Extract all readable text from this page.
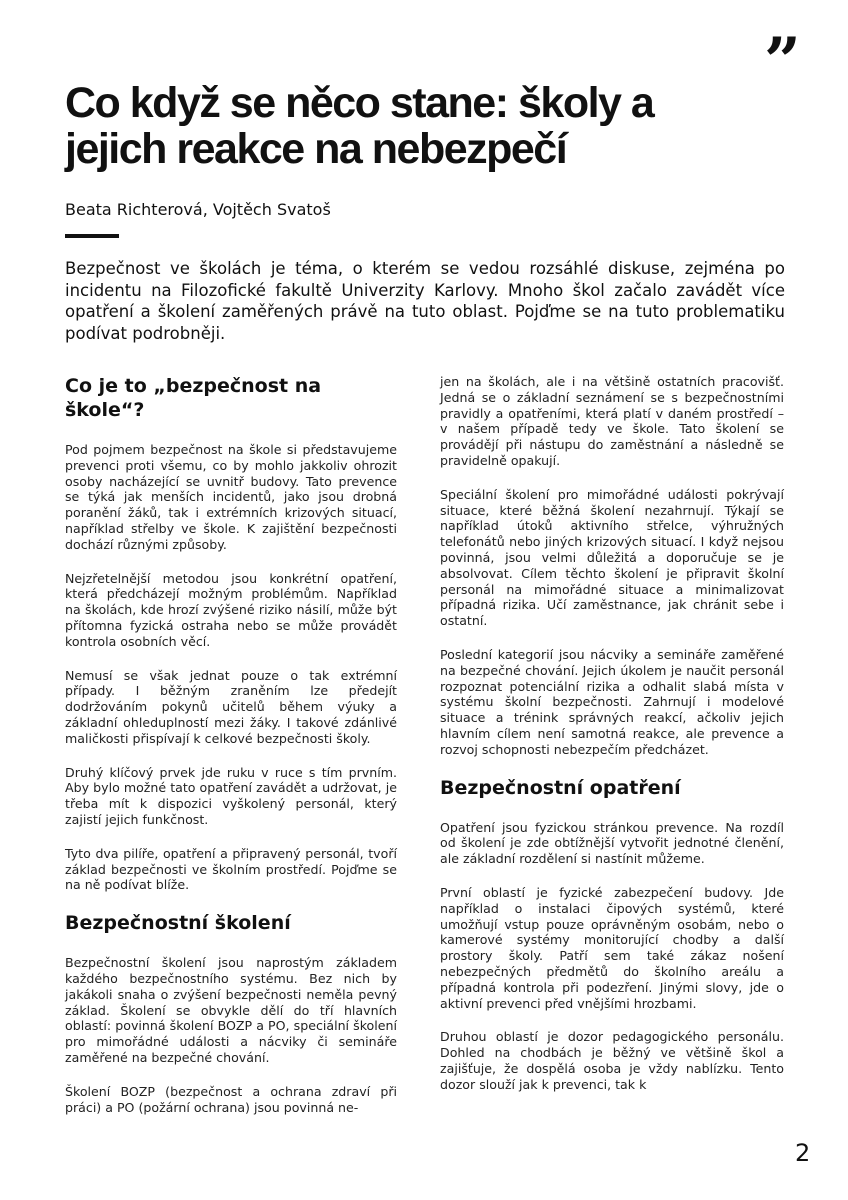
”
Co když se něco stane: školy a
jejich reakce na nebezpečí
Beata Richterová, Vojtěch Svatoš

Bezpečnost ve školách je téma, o kterém se vedou rozsáhlé diskuse, zejména po incidentu na Filozofické fakultě Univerzity Karlovy. Mnoho škol začalo zavádět více opatření a školení zaměřených právě na tuto oblast. Pojďme se na tuto problematiku podívat podrobněji.

Co je to „bezpečnost na škole“?

Pod pojmem bezpečnost na škole si představujeme prevenci proti všemu, co by mohlo jakkoliv ohrozit osoby nacházející se uvnitř budovy. Tato prevence se týká jak menších incidentů, jako jsou drobná poranění žáků, tak i extrémních krizových situací, například střelby ve škole. K zajištění bezpečnosti dochází různými způsoby.

Nejzřetelnější metodou jsou konkrétní opatření, která předcházejí možným problémům. Například na školách, kde hrozí zvýšené riziko násilí, může být přítomna fyzická ostraha nebo se může provádět kontrola osobních věcí.

Nemusí se však jednat pouze o tak extrémní případy. I běžným zraněním lze předejít dodržováním pokynů učitelů během výuky a základní ohleduplností mezi žáky. I takové zdánlivé maličkosti přispívají k celkové bezpečnosti školy.

Druhý klíčový prvek jde ruku v ruce s tím prvním. Aby bylo možné tato opatření zavádět a udržovat, je třeba mít k dispozici vyškolený personál, který zajistí jejich funkčnost.

Tyto dva pilíře, opatření a připravený personál, tvoří základ bezpečnosti ve školním prostředí. Pojďme se na ně podívat blíže.

Bezpečnostní školení

Bezpečnostní školení jsou naprostým základem každého bezpečnostního systému. Bez nich by jakákoli snaha o zvýšení bezpečnosti neměla pevný základ. Školení se obvykle dělí do tří hlavních oblastí: povinná školení BOZP a PO, speciální školení pro mimořádné události a nácviky či semináře zaměřené na bezpečné chování.

Školení BOZP (bezpečnost a ochrana zdraví při práci) a PO (požární ochrana) jsou povinná ne-

jen na školách, ale i na většině ostatních pracovišť. Jedná se o základní seznámení se s bezpečnostními pravidly a opatřeními, která platí v daném prostředí – v našem případě tedy ve škole. Tato školení se provádějí při nástupu do zaměstnání a následně se pravidelně opakují.

Speciální školení pro mimořádné události pokrývají situace, které běžná školení nezahrnují. Týkají se například útoků aktivního střelce, výhružných telefonátů nebo jiných krizových situací. I když nejsou povinná, jsou velmi důležitá a doporučuje se je absolvovat. Cílem těchto školení je připravit školní personál na mimořádné situace a minimalizovat případná rizika. Učí zaměstnance, jak chránit sebe i ostatní.

Poslední kategorií jsou nácviky a semináře zaměřené na bezpečné chování. Jejich úkolem je naučit personál rozpoznat potenciální rizika a odhalit slabá místa v systému školní bezpečnosti. Zahrnují i modelové situace a trénink správných reakcí, ačkoliv jejich hlavním cílem není samotná reakce, ale prevence a rozvoj schopnosti nebezpečím předcházet.

Bezpečnostní opatření

Opatření jsou fyzickou stránkou prevence. Na rozdíl od školení je zde obtížnější vytvořit jednotné členění, ale základní rozdělení si nastínit můžeme.

První oblastí je fyzické zabezpečení budovy. Jde například o instalaci čipových systémů, které umožňují vstup pouze oprávněným osobám, nebo o kamerové systémy monitorující chodby a další prostory školy. Patří sem také zákaz nošení nebezpečných předmětů do školního areálu a případná kontrola při podezření. Jinými slovy, jde o aktivní prevenci před vnějšími hrozbami.

Druhou oblastí je dozor pedagogického personálu. Dohled na chodbách je běžný ve většině škol a zajišťuje, že dospělá osoba je vždy nablízku. Tento dozor slouží jak k prevenci, tak k

2
